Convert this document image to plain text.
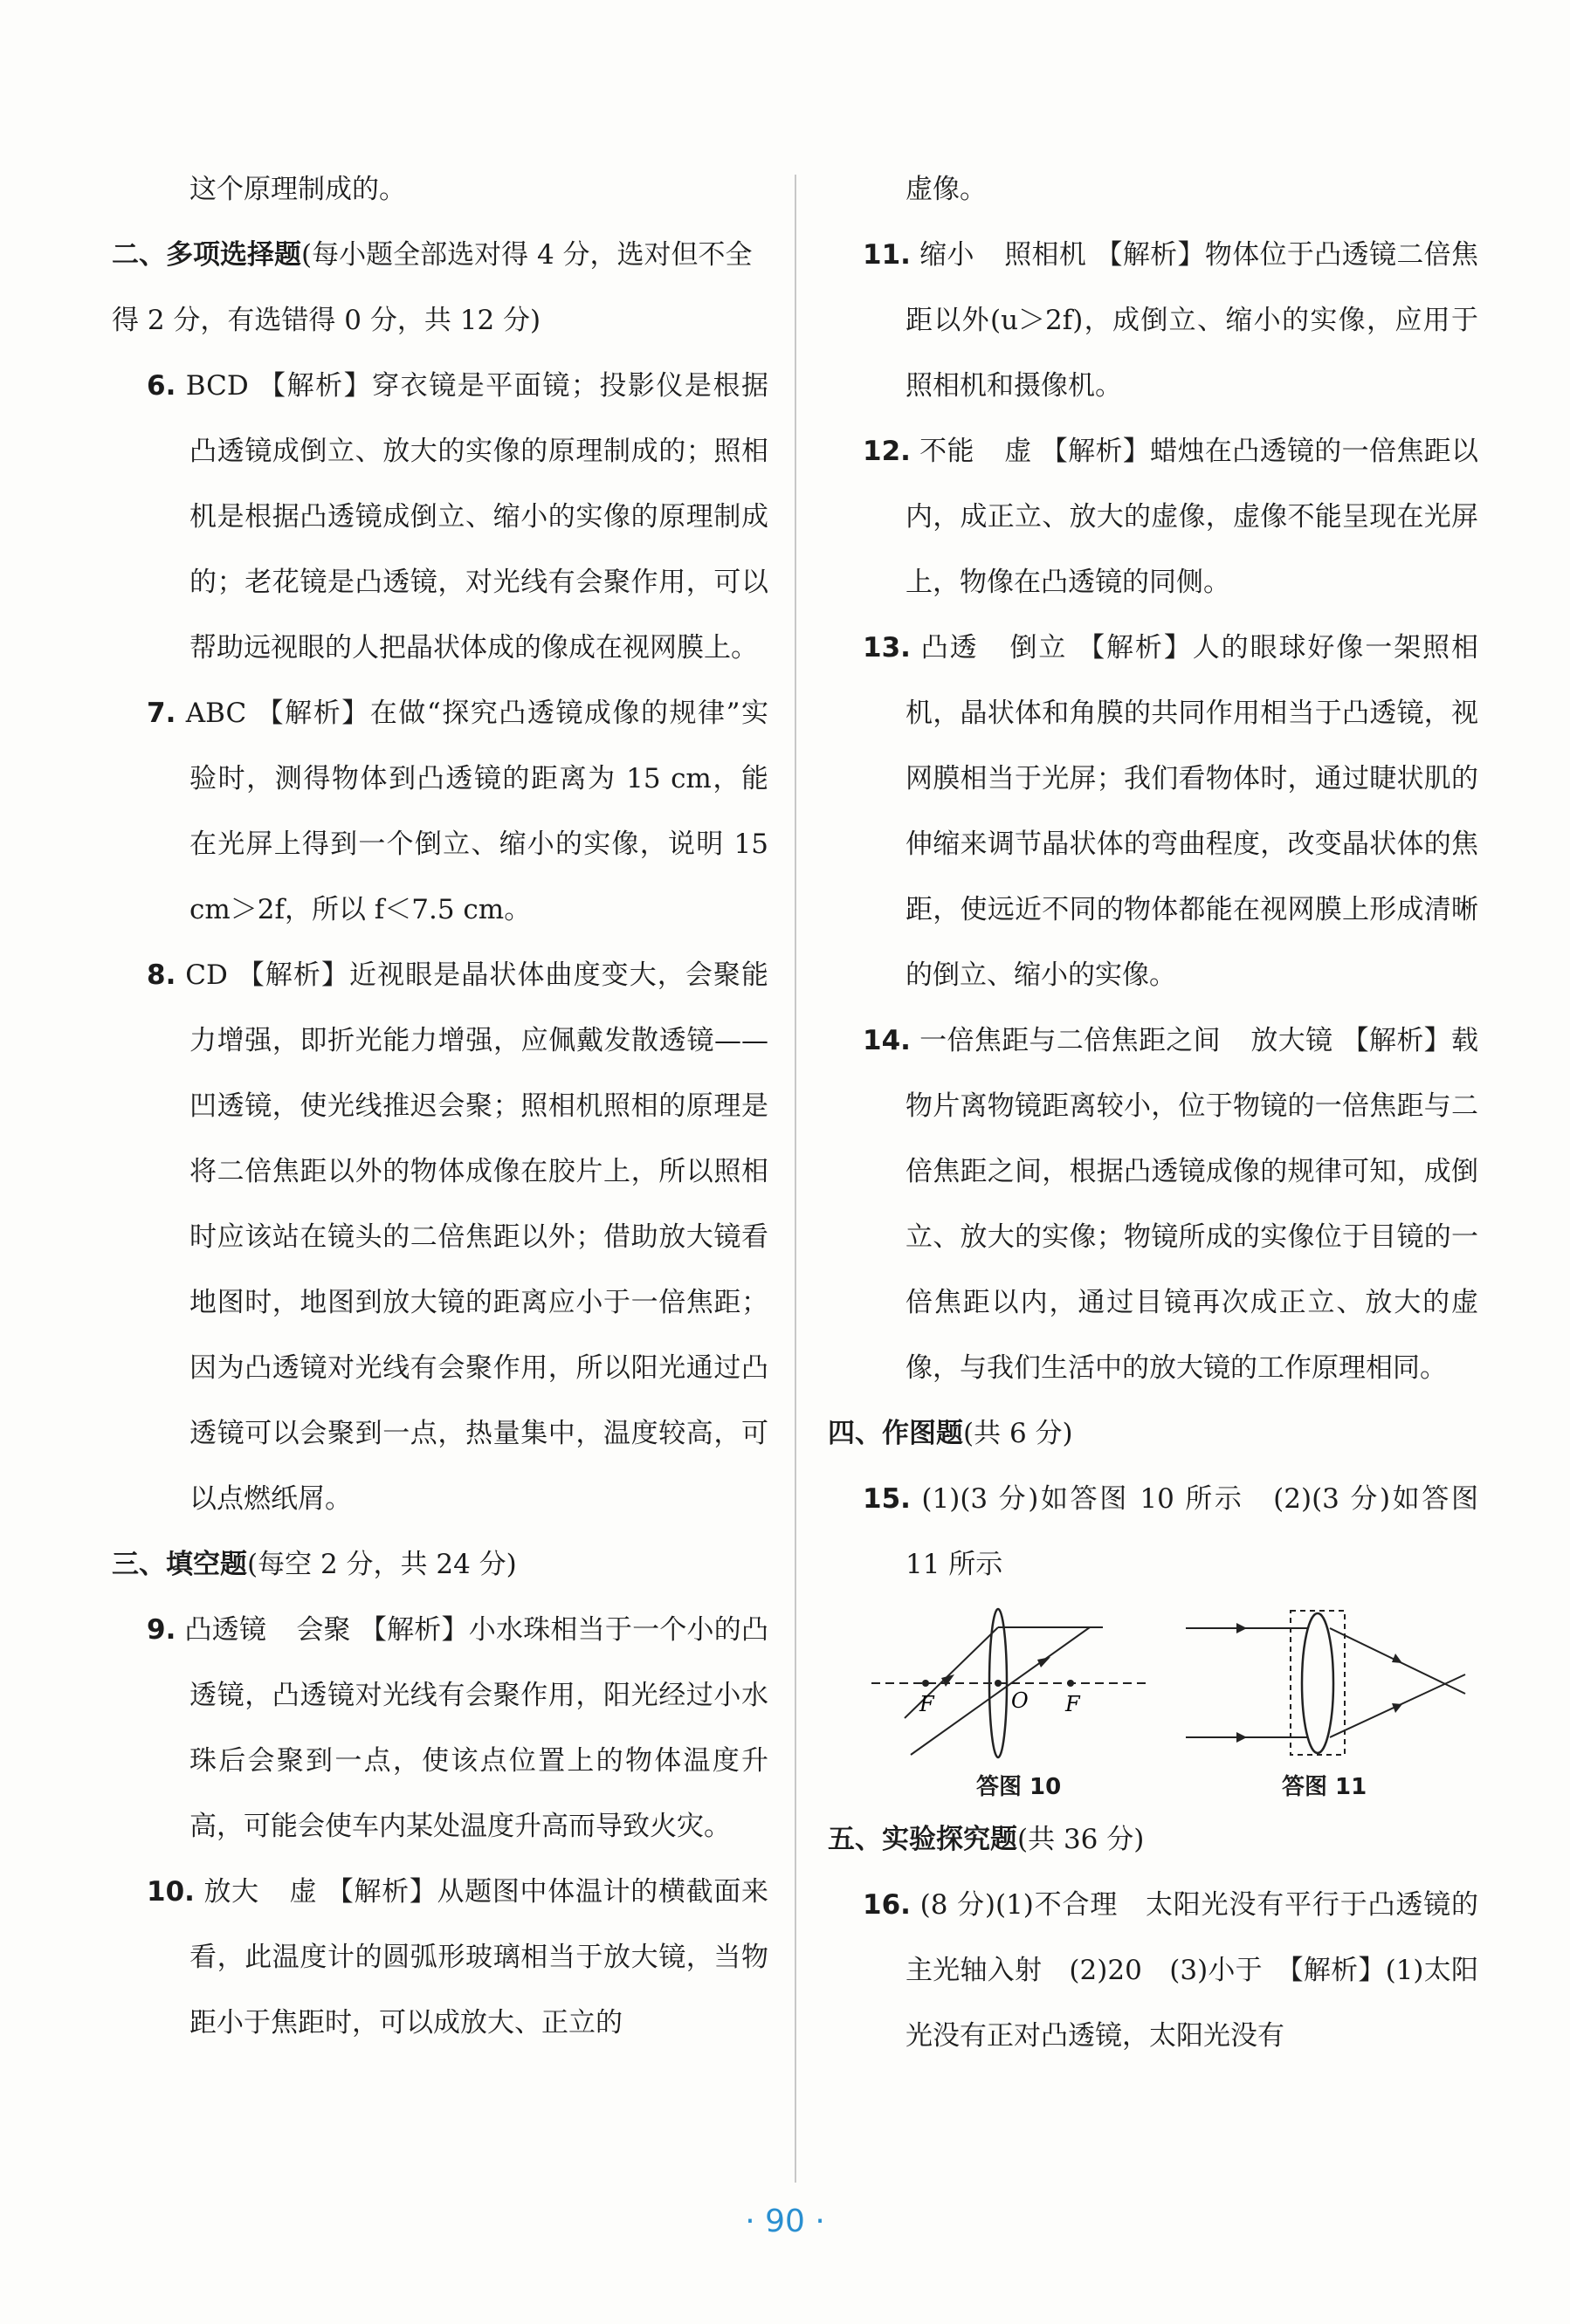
这个原理制成的。

二、多项选择题(每小题全部选对得 4 分，选对但不全得 2 分，有选错得 0 分，共 12 分)

6. BCD 【解析】穿衣镜是平面镜；投影仪是根据凸透镜成倒立、放大的实像的原理制成的；照相机是根据凸透镜成倒立、缩小的实像的原理制成的；老花镜是凸透镜，对光线有会聚作用，可以帮助远视眼的人把晶状体成的像成在视网膜上。

7. ABC 【解析】在做“探究凸透镜成像的规律”实验时，测得物体到凸透镜的距离为 15 cm，能在光屏上得到一个倒立、缩小的实像，说明 15 cm＞2f，所以 f＜7.5 cm。

8. CD 【解析】近视眼是晶状体曲度变大，会聚能力增强，即折光能力增强，应佩戴发散透镜——凹透镜，使光线推迟会聚；照相机照相的原理是将二倍焦距以外的物体成像在胶片上，所以照相时应该站在镜头的二倍焦距以外；借助放大镜看地图时，地图到放大镜的距离应小于一倍焦距；因为凸透镜对光线有会聚作用，所以阳光通过凸透镜可以会聚到一点，热量集中，温度较高，可以点燃纸屑。

三、填空题(每空 2 分，共 24 分)

9. 凸透镜 会聚 【解析】小水珠相当于一个小的凸透镜，凸透镜对光线有会聚作用，阳光经过小水珠后会聚到一点，使该点位置上的物体温度升高，可能会使车内某处温度升高而导致火灾。

10. 放大 虚 【解析】从题图中体温计的横截面来看，此温度计的圆弧形玻璃相当于放大镜，当物距小于焦距时，可以成放大、正立的

虚像。

11. 缩小 照相机 【解析】物体位于凸透镜二倍焦距以外(u＞2f)，成倒立、缩小的实像，应用于照相机和摄像机。

12. 不能 虚 【解析】蜡烛在凸透镜的一倍焦距以内，成正立、放大的虚像，虚像不能呈现在光屏上，物像在凸透镜的同侧。

13. 凸透 倒立 【解析】人的眼球好像一架照相机，晶状体和角膜的共同作用相当于凸透镜，视网膜相当于光屏；我们看物体时，通过睫状肌的伸缩来调节晶状体的弯曲程度，改变晶状体的焦距，使远近不同的物体都能在视网膜上形成清晰的倒立、缩小的实像。

14. 一倍焦距与二倍焦距之间 放大镜 【解析】载物片离物镜距离较小，位于物镜的一倍焦距与二倍焦距之间，根据凸透镜成像的规律可知，成倒立、放大的实像；物镜所成的实像位于目镜的一倍焦距以内，通过目镜再次成正立、放大的虚像，与我们生活中的放大镜的工作原理相同。

四、作图题(共 6 分)

15. (1)(3 分)如答图 10 所示　(2)(3 分)如答图 11 所示

F	O F
答图 10	答图 11

五、实验探究题(共 36 分)

16. (8 分)(1)不合理　太阳光没有平行于凸透镜的主光轴入射　(2)20　(3)小于　【解析】(1)太阳光没有正对凸透镜，太阳光没有

· 90 ·
